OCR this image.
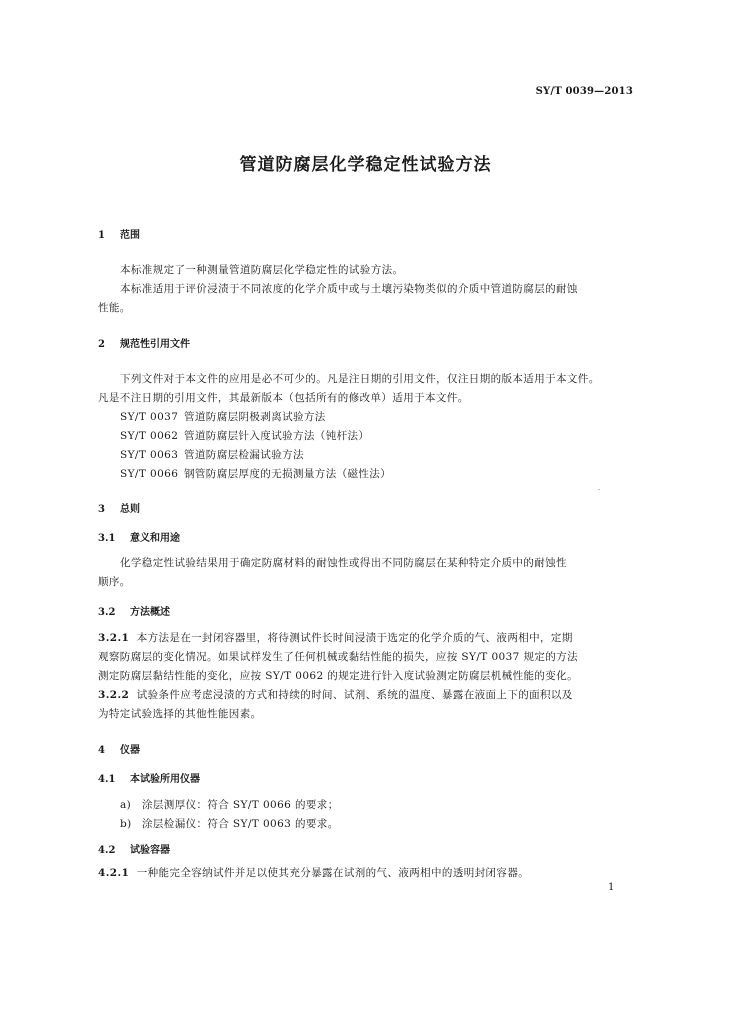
SY/T 0039—2013
管道防腐层化学稳定性试验方法
1 范围
本标准规定了一种测量管道防腐层化学稳定性的试验方法。
本标准适用于评价浸渍于不同浓度的化学介质中或与土壤污染物类似的介质中管道防腐层的耐蚀
性能。
2 规范性引用文件
下列文件对于本文件的应用是必不可少的。凡是注日期的引用文件，仅注日期的版本适用于本文件。
凡是不注日期的引用文件，其最新版本（包括所有的修改单）适用于本文件。
SY/T 0037 管道防腐层阴极剥离试验方法
SY/T 0062 管道防腐层针入度试验方法（钝杆法）
SY/T 0063 管道防腐层检漏试验方法
SY/T 0066 钢管防腐层厚度的无损测量方法（磁性法）
3 总则
3.1 意义和用途
化学稳定性试验结果用于确定防腐材料的耐蚀性或得出不同防腐层在某种特定介质中的耐蚀性
顺序。
3.2 方法概述
3.2.1 本方法是在一封闭容器里，将待测试件长时间浸渍于选定的化学介质的气、液两相中，定期
观察防腐层的变化情况。如果试样发生了任何机械或黏结性能的损失，应按 SY/T 0037 规定的方法
测定防腐层黏结性能的变化，应按 SY/T 0062 的规定进行针入度试验测定防腐层机械性能的变化。
3.2.2 试验条件应考虑浸渍的方式和持续的时间、试剂、系统的温度、暴露在液面上下的面积以及
为特定试验选择的其他性能因素。
4 仪器
4.1 本试验所用仪器
a) 涂层测厚仪：符合 SY/T 0066 的要求；
b) 涂层检漏仪：符合 SY/T 0063 的要求。
4.2 试验容器
4.2.1 一种能完全容纳试件并足以使其充分暴露在试剂的气、液两相中的透明封闭容器。
1
